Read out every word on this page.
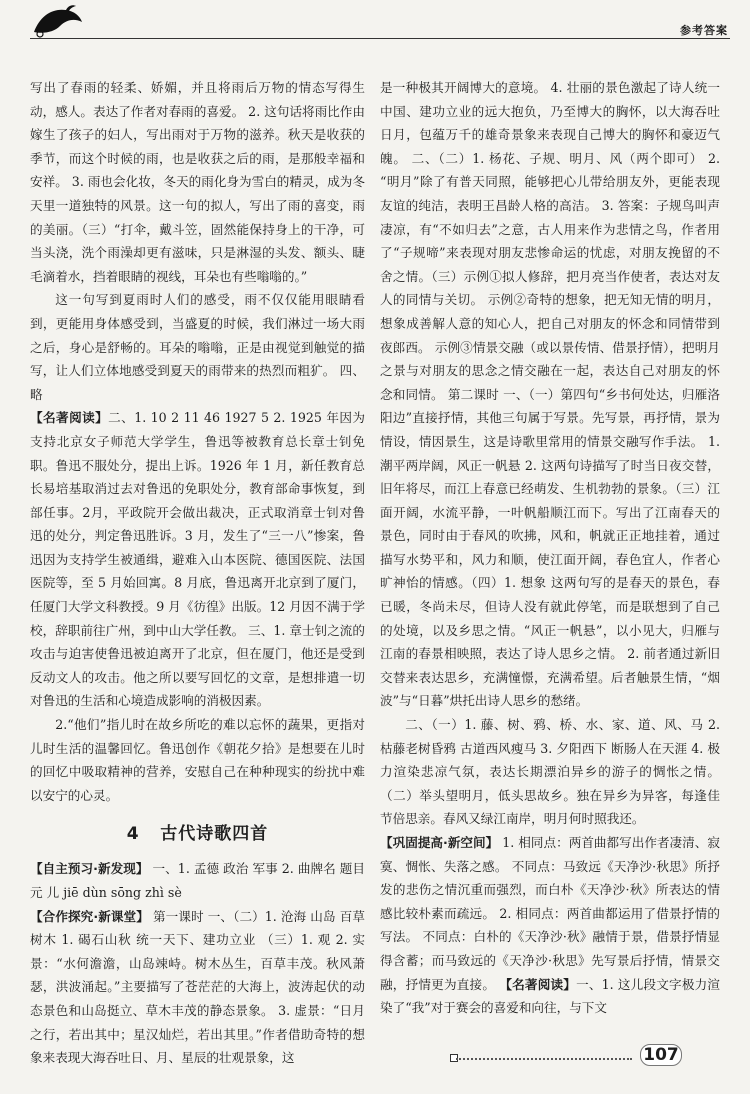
参考答案

写出了春雨的轻柔、娇媚，并且将雨后万物的情态写得生动，感人。表达了作者对春雨的喜爱。 2. 这句话将雨比作由嫁生了孩子的妇人，写出雨对于万物的滋养。秋天是收获的季节，而这个时候的雨，也是收获之后的雨，是那般幸福和安祥。 3. 雨也会化妆，冬天的雨化身为雪白的精灵，成为冬天里一道独特的风景。这一句的拟人，写出了雨的喜变，雨的美丽。（三）“打伞，戴斗笠，固然能保持身上的干净，可当头浇，洗个雨澡却更有滋味，只是淋湿的头发、额头、睫毛滴着水，挡着眼睛的视线，耳朵也有些嗡嗡的。”

这一句写到夏雨时人们的感受，雨不仅仅能用眼睛看到，更能用身体感受到，当盛夏的时候，我们淋过一场大雨之后，身心是舒畅的。耳朵的嗡嗡，正是由视觉到触觉的描写，让人们立体地感受到夏天的雨带来的热烈而粗犷。 四、略

【名著阅读】二、1. 10 2 11 46 1927 5 2. 1925 年因为支持北京女子师范大学学生，鲁迅等被教育总长章士钊免职。鲁迅不服处分，提出上诉。1926 年 1 月，新任教育总长易培基取消过去对鲁迅的免职处分，教育部命事恢复，到部任事。2月，平政院开会做出裁决，正式取消章士钊对鲁迅的处分，判定鲁迅胜诉。3 月，发生了“三一八”惨案，鲁迅因为支持学生被通缉，避难入山本医院、德国医院、法国医院等，至 5 月始回寓。8 月底，鲁迅离开北京到了厦门，任厦门大学文科教授。9 月《彷徨》出版。12 月因不满于学校，辞职前往广州，到中山大学任教。 三、1. 章士钊之流的攻击与迫害使鲁迅被迫离开了北京，但在厦门，他还是受到反动文人的攻击。他之所以要写回忆的文章，是想排遣一切对鲁迅的生活和心境造成影响的消极因素。

2.“他们”指儿时在故乡所吃的难以忘怀的蔬果，更指对儿时生活的温馨回忆。鲁迅创作《朝花夕拾》是想要在儿时的回忆中吸取精神的营养，安慰自己在种种现实的纷扰中难以安宁的心灵。

4 古代诗歌四首

【自主预习·新发现】 一、1. 孟德 政治 军事 2. 曲牌名 题目 元 儿 jiē dùn sōng zhì sè

【合作探究·新课堂】 第一课时 一、（二）1. 沧海 山岛 百草树木 1. 碣石山秋 统一天下、建功立业 （三）1. 观 2. 实景：“水何澹澹，山岛竦峙。树木丛生，百草丰茂。秋风萧瑟，洪波涌起。”主要描写了苍茫茫的大海上，波涛起伏的动态景色和山岛挺立、草木丰茂的静态景象。 3. 虚景：“日月之行，若出其中；星汉灿烂，若出其里。”作者借助奇特的想象来表现大海吞吐日、月、星辰的壮观景象，这

是一种极其开阔博大的意境。 4. 壮丽的景色激起了诗人统一中国、建功立业的远大抱负，乃至博大的胸怀，以大海吞吐日月，包蕴万千的雄奇景象来表现自己博大的胸怀和豪迈气魄。 二、（二）1. 杨花、子规、明月、风（两个即可） 2. “明月”除了有普天同照，能够把心儿带给朋友外，更能表现友谊的纯洁，表明王昌龄人格的高洁。 3. 答案：子规鸟叫声凄凉，有“不如归去”之意，古人用来作为悲情之鸟，作者用了“子规啼”来表现对朋友悲惨命运的忧虑，对朋友挽留的不舍之情。（三）示例①拟人修辞，把月亮当作使者，表达对友人的同情与关切。 示例②奇特的想象，把无知无情的明月，想象成善解人意的知心人，把自己对朋友的怀念和同情带到夜郎西。 示例③情景交融（或以景传情、借景抒情），把明月之景与对朋友的思念之情交融在一起，表达自己对朋友的怀念和同情。 第二课时 一、（一）第四句“乡书何处达，归雁洛阳边”直接抒情，其他三句属于写景。先写景，再抒情，景为情设，情因景生，这是诗歌里常用的情景交融写作手法。 1. 潮平两岸阔，风正一帆悬 2. 这两句诗描写了时当日夜交替，旧年将尽，而江上春意已经萌发、生机勃勃的景象。（三）江面开阔，水流平静，一叶帆船顺江而下。写出了江南春天的景色，同时由于春风的吹拂，风和，帆就正正地挂着，通过描写水势平和，风力和顺，使江面开阔，春色宜人，作者心旷神怡的情感。（四）1. 想象 这两句写的是春天的景色，春已暖，冬尚未尽，但诗人没有就此停笔，而是联想到了自己的处境，以及乡思之情。“风正一帆悬”，以小见大，归雁与江南的春景相映照，表达了诗人思乡之情。 2. 前者通过新旧交替来表达思乡，充满憧憬，充满希望。后者触景生情，“烟波”与“日暮”烘托出诗人思乡的愁绪。

二、（一）1. 藤、树、鸦、桥、水、家、道、风、马 2. 枯藤老树昏鸦 古道西风瘦马 3. 夕阳西下 断肠人在天涯 4. 极力渲染悲凉气氛，表达长期漂泊异乡的游子的惆怅之情。（二）举头望明月，低头思故乡。独在异乡为异客，每逢佳节倍思亲。春风又绿江南岸，明月何时照我还。

【巩固提高·新空间】 1. 相同点：两首曲都写出作者凄清、寂寞、惆怅、失落之感。 不同点：马致远《天净沙·秋思》所抒发的悲伤之情沉重而强烈，而白朴《天净沙·秋》所表达的情感比较朴素而疏远。 2. 相同点：两首曲都运用了借景抒情的写法。 不同点：白朴的《天净沙·秋》融情于景，借景抒情显得含蓄；而马致远的《天净沙·秋思》先写景后抒情，情景交融，抒情更为直接。 【名著阅读】一、1. 这儿段文字极力渲染了“我”对于赛会的喜爱和向往，与下文

107
